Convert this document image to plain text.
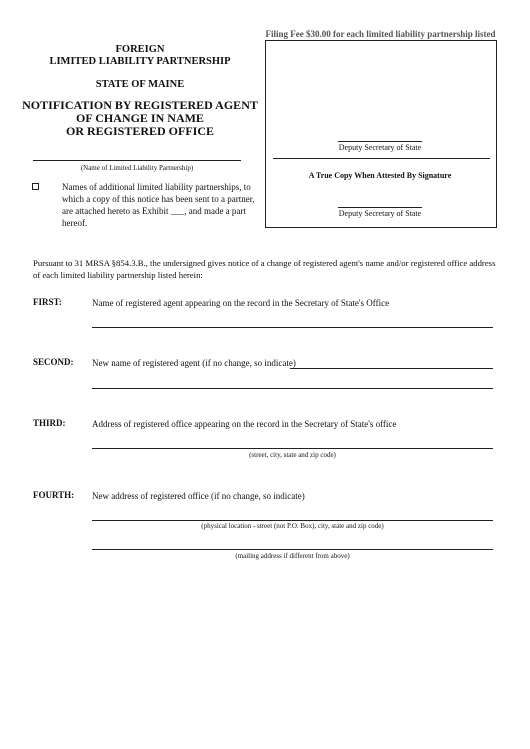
FOREIGN
LIMITED LIABILITY PARTNERSHIP
STATE OF MAINE
NOTIFICATION BY REGISTERED AGENT
OF CHANGE IN NAME
OR REGISTERED OFFICE
Filing Fee $30.00 for each limited liability partnership listed
Deputy Secretary of State
A True Copy When Attested By Signature
Deputy Secretary of State
(Name of Limited Liability Partnership)
Names of additional limited liability partnerships, to
which a copy of this notice has been sent to a partner,
are attached hereto as Exhibit ___, and made a part
hereof.
Pursuant to 31 MRSA §854.3.B., the undersigned gives notice of a change of registered agent's name and/or registered office address
of each limited liability partnership listed herein:
FIRST:	Name of registered agent appearing on the record in the Secretary of State's Office
SECOND: New name of registered agent (if no change, so indicate)
THIRD:	Address of registered office appearing on the record in the Secretary of State's office
(street, city, state and zip code)
FOURTH: New address of registered office (if no change, so indicate)
(physical location - street (not P.O. Box), city, state and zip code)
(mailing address if different from above)
